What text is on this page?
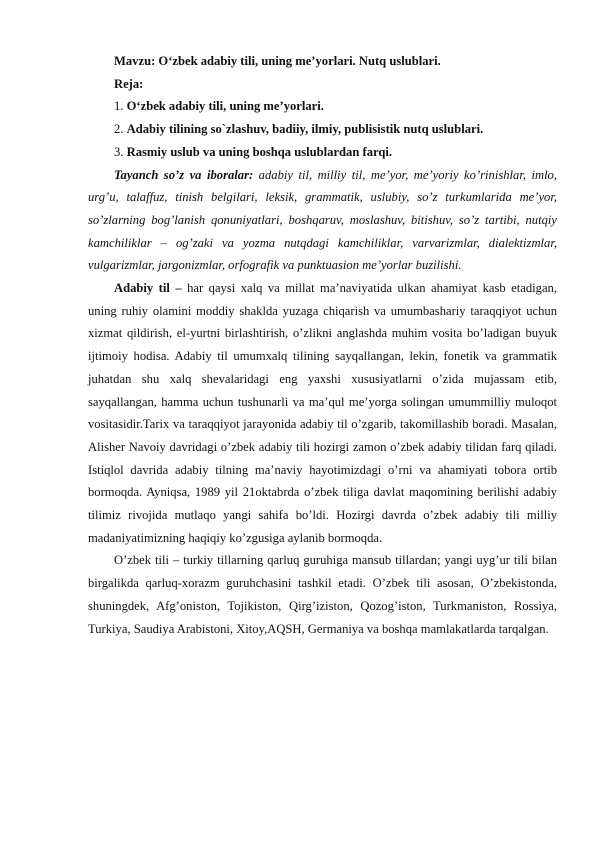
Mavzu: O‘zbek adabiy tili, uning me’yorlari. Nutq uslublari.

Reja:

1. O‘zbek adabiy tili, uning me’yorlari.

2. Adabiy tilining so`zlashuv, badiiy, ilmiy, publisistik nutq uslublari.

3. Rasmiy uslub va uning boshqa uslublardan farqi.

Tayanch so’z va iboralar: adabiy til, milliy til, me’yor, me’yoriy ko’rinishlar, imlo, urg’u, talaffuz, tinish belgilari, leksik, grammatik, uslubiy, so’z turkumlarida me’yor, so’zlarning bog’lanish qonuniyatlari, boshqaruv, moslashuv, bitishuv, so’z tartibi, nutqiy kamchiliklar – og’zaki va yozma nutqdagi kamchiliklar, varvarizmlar, dialektizmlar, vulgarizmlar, jargonizmlar, orfografik va punktuasion me’yorlar buzilishi.

Adabiy til – har qaysi xalq va millat ma’naviyatida ulkan ahamiyat kasb etadigan, uning ruhiy olamini moddiy shaklda yuzaga chiqarish va umumbashariy taraqqiyot uchun xizmat qildirish, el-yurtni birlashtirish, o’zlikni anglashda muhim vosita bo’ladigan buyuk ijtimoiy hodisa. Adabiy til umumxalq tilining sayqallangan, lekin, fonetik va grammatik juhatdan shu xalq shevalaridagi eng yaxshi xususiyatlarni o’zida mujassam etib, sayqallangan, hamma uchun tushunarli va ma’qul me’yorga solingan umummilliy muloqot vositasidir.Tarix va taraqqiyot jarayonida adabiy til o’zgarib, takomillashib boradi. Masalan, Alisher Navoiy davridagi o’zbek adabiy tili hozirgi zamon o’zbek adabiy tilidan farq qiladi. Istiqlol davrida adabiy tilning ma’naviy hayotimizdagi o’rni va ahamiyati tobora ortib bormoqda. Ayniqsa, 1989 yil 21oktabrda o’zbek tiliga davlat maqomining berilishi adabiy tilimiz rivojida mutlaqo yangi sahifa bo’ldi. Hozirgi davrda o’zbek adabiy tili milliy madaniyatimizning haqiqiy ko’zgusiga aylanib bormoqda.

O’zbek tili – turkiy tillarning qarluq guruhiga mansub tillardan; yangi uyg’ur tili bilan birgalikda qarluq-xorazm guruhchasini tashkil etadi. O’zbek tili asosan, O’zbekistonda, shuningdek, Afg’oniston, Tojikiston, Qirg’iziston, Qozog’iston, Turkmaniston, Rossiya, Turkiya, Saudiya Arabistoni, Xitoy,AQSH, Germaniya va boshqa mamlakatlarda tarqalgan.
